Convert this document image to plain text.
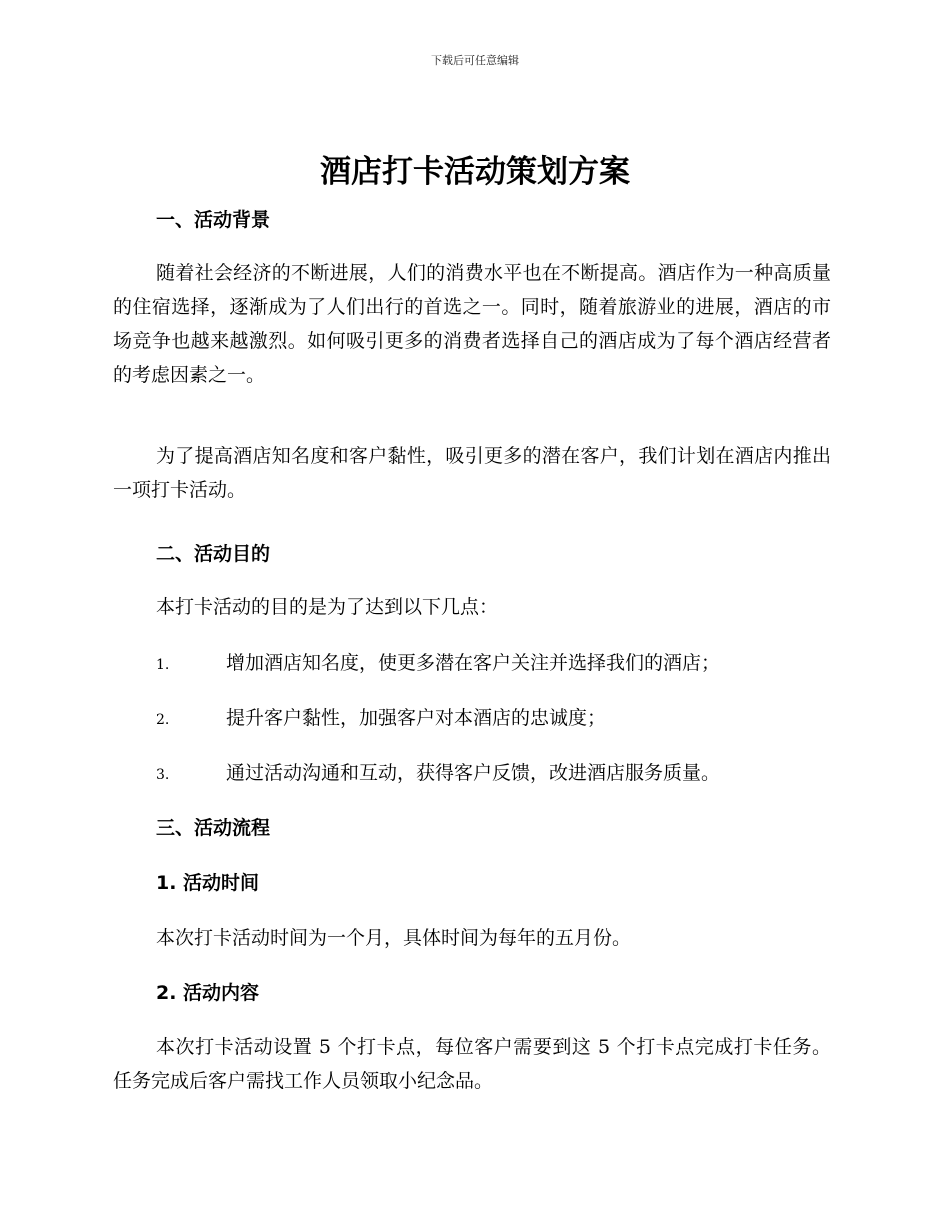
下载后可任意编辑
酒店打卡活动策划方案
一、活动背景

随着社会经济的不断进展，人们的消费水平也在不断提高。酒店作为一种高质量的住宿选择，逐渐成为了人们出行的首选之一。同时，随着旅游业的进展，酒店的市场竞争也越来越激烈。如何吸引更多的消费者选择自己的酒店成为了每个酒店经营者的考虑因素之一。

为了提高酒店知名度和客户黏性，吸引更多的潜在客户，我们计划在酒店内推出一项打卡活动。

二、活动目的
本打卡活动的目的是为了达到以下几点：
1.	增加酒店知名度，使更多潜在客户关注并选择我们的酒店；
2.	提升客户黏性，加强客户对本酒店的忠诚度；
3.	通过活动沟通和互动，获得客户反馈，改进酒店服务质量。
三、活动流程
1. 活动时间
本次打卡活动时间为一个月，具体时间为每年的五月份。
2. 活动内容

本次打卡活动设置 5 个打卡点，每位客户需要到这 5 个打卡点完成打卡任务。任务完成后客户需找工作人员领取小纪念品。
